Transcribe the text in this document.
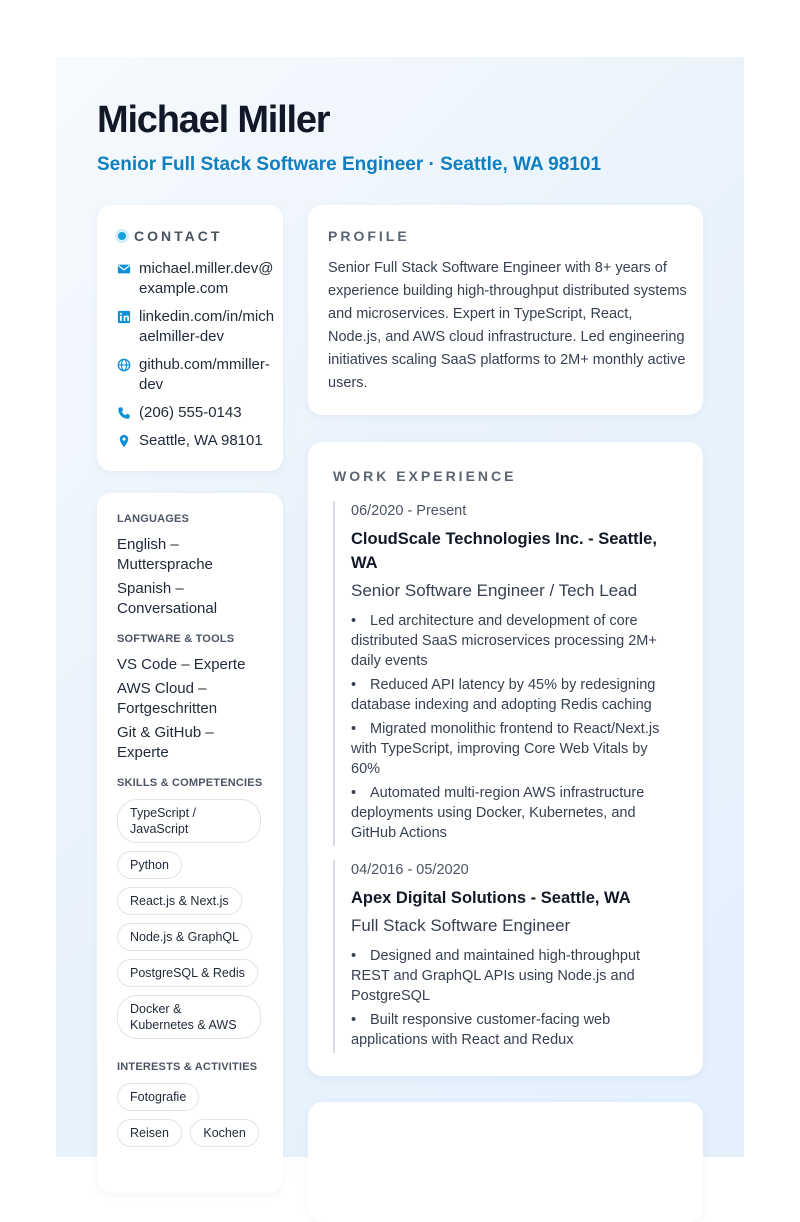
Michael Miller
Senior Full Stack Software Engineer · Seattle, WA 98101
CONTACT
michael.miller.dev@example.com
linkedin.com/in/michaelmiller-dev
github.com/mmiller-dev
(206) 555-0143
Seattle, WA 98101
LANGUAGES
English – Muttersprache
Spanish – Conversational
SOFTWARE & TOOLS
VS Code – Experte
AWS Cloud – Fortgeschritten
Git & GitHub – Experte
SKILLS & COMPETENCIES
TypeScript / JavaScript Python React.js & Next.js Node.js & GraphQL PostgreSQL & Redis Docker & Kubernetes & AWS
INTERESTS & ACTIVITIES
Fotografie
Reisen	Kochen
PROFILE

Senior Full Stack Software Engineer with 8+ years of experience building high-throughput distributed systems and microservices. Expert in TypeScript, React, Node.js, and AWS cloud infrastructure. Led engineering initiatives scaling SaaS platforms to 2M+ monthly active users.

WORK EXPERIENCE
06/2020 - Present
CloudScale Technologies Inc. - Seattle, WA
Senior Software Engineer / Tech Lead
• Led architecture and development of core distributed SaaS microservices processing 2M+ daily events
• Reduced API latency by 45% by redesigning database indexing and adopting Redis caching
• Migrated monolithic frontend to React/Next.js with TypeScript, improving Core Web Vitals by 60%
• Automated multi-region AWS infrastructure deployments using Docker, Kubernetes, and GitHub Actions
04/2016 - 05/2020
Apex Digital Solutions - Seattle, WA
Full Stack Software Engineer
• Designed and maintained high-throughput REST and GraphQL APIs using Node.js and PostgreSQL
• Built responsive customer-facing web applications with React and Redux
